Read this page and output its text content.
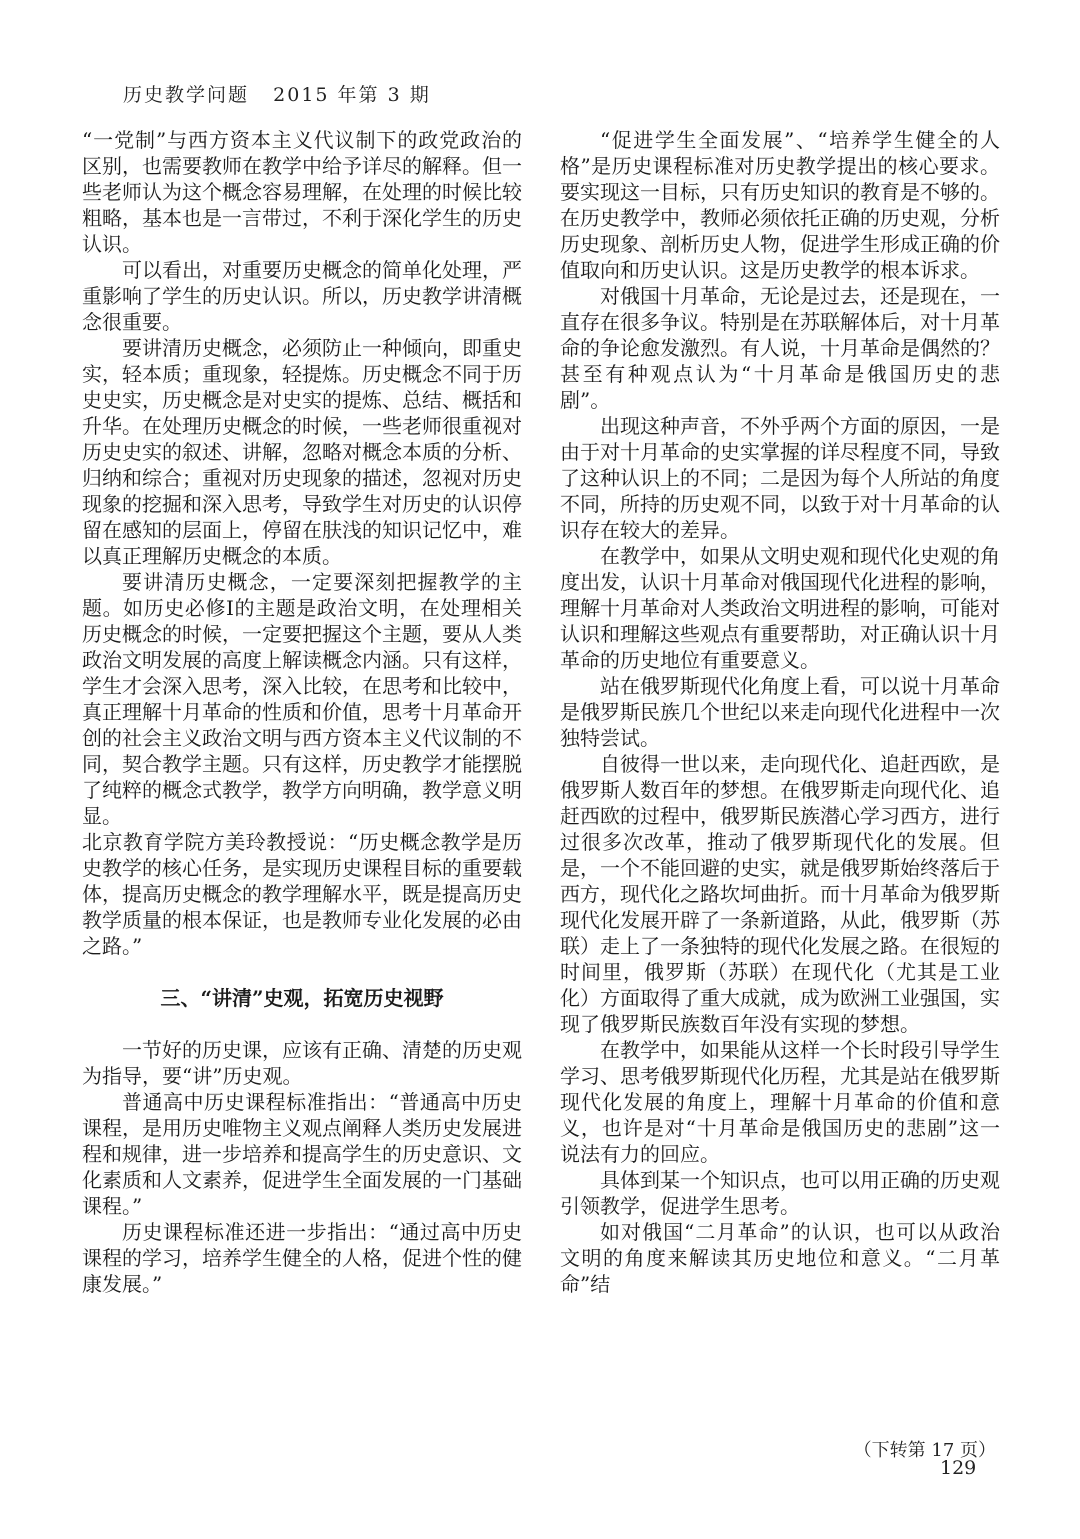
历史教学问题 2015 年第 3 期

“一党制”与西方资本主义代议制下的政党政治的区别，也需要教师在教学中给予详尽的解释。但一些老师认为这个概念容易理解，在处理的时候比较粗略，基本也是一言带过，不利于深化学生的历史认识。

可以看出，对重要历史概念的简单化处理，严重影响了学生的历史认识。所以，历史教学讲清概念很重要。

要讲清历史概念，必须防止一种倾向，即重史实，轻本质；重现象，轻提炼。历史概念不同于历史史实，历史概念是对史实的提炼、总结、概括和升华。在处理历史概念的时候，一些老师很重视对历史史实的叙述、讲解，忽略对概念本质的分析、归纳和综合；重视对历史现象的描述，忽视对历史现象的挖掘和深入思考，导致学生对历史的认识停留在感知的层面上，停留在肤浅的知识记忆中，难以真正理解历史概念的本质。

要讲清历史概念，一定要深刻把握教学的主题。如历史必修Ⅰ的主题是政治文明，在处理相关历史概念的时候，一定要把握这个主题，要从人类政治文明发展的高度上解读概念内涵。只有这样，学生才会深入思考，深入比较，在思考和比较中，真正理解十月革命的性质和价值，思考十月革命开创的社会主义政治文明与西方资本主义代议制的不同，契合教学主题。只有这样，历史教学才能摆脱了纯粹的概念式教学，教学方向明确，教学意义明显。

北京教育学院方美玲教授说：“历史概念教学是历史教学的核心任务，是实现历史课程目标的重要载体，提高历史概念的教学理解水平，既是提高历史教学质量的根本保证，也是教师专业化发展的必由之路。”

三、“讲清”史观，拓宽历史视野

一节好的历史课，应该有正确、清楚的历史观为指导，要“讲”历史观。

普通高中历史课程标准指出：“普通高中历史课程，是用历史唯物主义观点阐释人类历史发展进程和规律，进一步培养和提高学生的历史意识、文化素质和人文素养，促进学生全面发展的一门基础课程。”

历史课程标准还进一步指出：“通过高中历史课程的学习，培养学生健全的人格，促进个性的健康发展。”

“促进学生全面发展”、“培养学生健全的人格”是历史课程标准对历史教学提出的核心要求。要实现这一目标，只有历史知识的教育是不够的。在历史教学中，教师必须依托正确的历史观，分析历史现象、剖析历史人物，促进学生形成正确的价值取向和历史认识。这是历史教学的根本诉求。

对俄国十月革命，无论是过去，还是现在，一直存在很多争议。特别是在苏联解体后，对十月革命的争论愈发激烈。有人说，十月革命是偶然的？甚至有种观点认为“十月革命是俄国历史的悲剧”。

出现这种声音，不外乎两个方面的原因，一是由于对十月革命的史实掌握的详尽程度不同，导致了这种认识上的不同；二是因为每个人所站的角度不同，所持的历史观不同，以致于对十月革命的认识存在较大的差异。

在教学中，如果从文明史观和现代化史观的角度出发，认识十月革命对俄国现代化进程的影响，理解十月革命对人类政治文明进程的影响，可能对认识和理解这些观点有重要帮助，对正确认识十月革命的历史地位有重要意义。

站在俄罗斯现代化角度上看，可以说十月革命是俄罗斯民族几个世纪以来走向现代化进程中一次独特尝试。

自彼得一世以来，走向现代化、追赶西欧，是俄罗斯人数百年的梦想。在俄罗斯走向现代化、追赶西欧的过程中，俄罗斯民族潜心学习西方，进行过很多次改革，推动了俄罗斯现代化的发展。但是，一个不能回避的史实，就是俄罗斯始终落后于西方，现代化之路坎坷曲折。而十月革命为俄罗斯现代化发展开辟了一条新道路，从此，俄罗斯（苏联）走上了一条独特的现代化发展之路。在很短的时间里，俄罗斯（苏联）在现代化（尤其是工业化）方面取得了重大成就，成为欧洲工业强国，实现了俄罗斯民族数百年没有实现的梦想。

在教学中，如果能从这样一个长时段引导学生学习、思考俄罗斯现代化历程，尤其是站在俄罗斯现代化发展的角度上，理解十月革命的价值和意义，也许是对“十月革命是俄国历史的悲剧”这一说法有力的回应。

具体到某一个知识点，也可以用正确的历史观引领教学，促进学生思考。

如对俄国“二月革命”的认识，也可以从政治文明的角度来解读其历史地位和意义。“二月革命”结

（下转第 17 页）
129
